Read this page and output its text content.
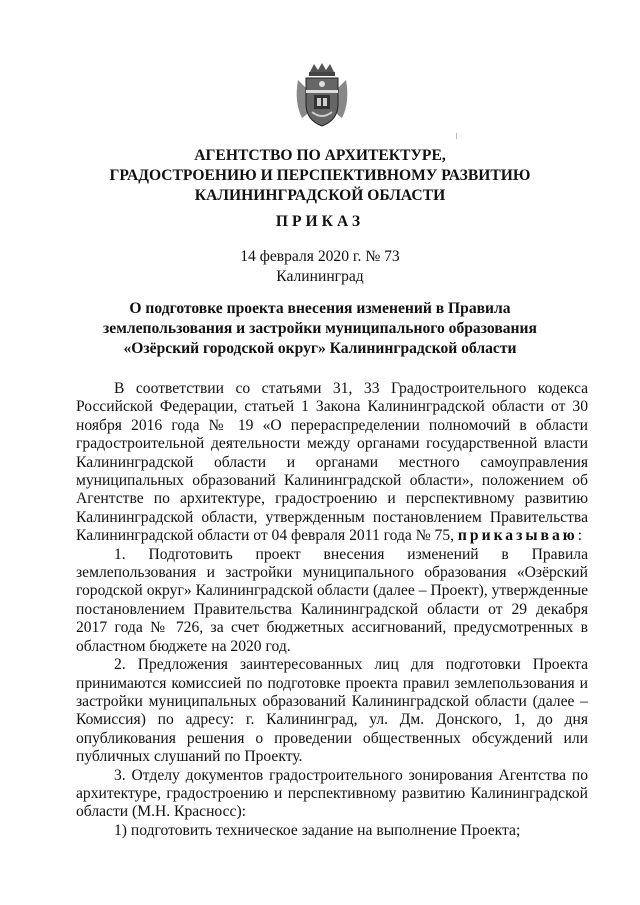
АГЕНТСТВО ПО АРХИТЕКТУРЕ,
ГРАДОСТРОЕНИЮ И ПЕРСПЕКТИВНОМУ РАЗВИТИЮ
КАЛИНИНГРАДСКОЙ ОБЛАСТИ
ПРИКАЗ
14 февраля 2020 г. № 73
Калининград
О подготовке проекта внесения изменений в Правила
землепользования и застройки муниципального образования
«Озёрский городской округ» Калининградской области

В соответствии со статьями 31, 33 Градостроительного кодекса Российской Федерации, статьей 1 Закона Калининградской области от 30 ноября 2016 года № 19 «О перераспределении полномочий в области градостроительной деятельности между органами государственной власти Калининградской области и органами местного самоуправления муниципальных образований Калининградской области», положением об Агентстве по архитектуре, градостроению и перспективному развитию Калининградской области, утвержденным постановлением Правительства Калининградской области от 04 февраля 2011 года № 75, приказываю:

1. Подготовить проект внесения изменений в Правила землепользования и застройки муниципального образования «Озёрский городской округ» Калининградской области (далее – Проект), утвержденные постановлением Правительства Калининградской области от 29 декабря 2017 года № 726, за счет бюджетных ассигнований, предусмотренных в областном бюджете на 2020 год.

2. Предложения заинтересованных лиц для подготовки Проекта принимаются комиссией по подготовке проекта правил землепользования и застройки муниципальных образований Калининградской области (далее – Комиссия) по адресу: г. Калининград, ул. Дм. Донского, 1, до дня опубликования решения о проведении общественных обсуждений или публичных слушаний по Проекту.

3. Отделу документов градостроительного зонирования Агентства по архитектуре, градостроению и перспективному развитию Калининградской области (М.Н. Красносс):

1) подготовить техническое задание на выполнение Проекта;
